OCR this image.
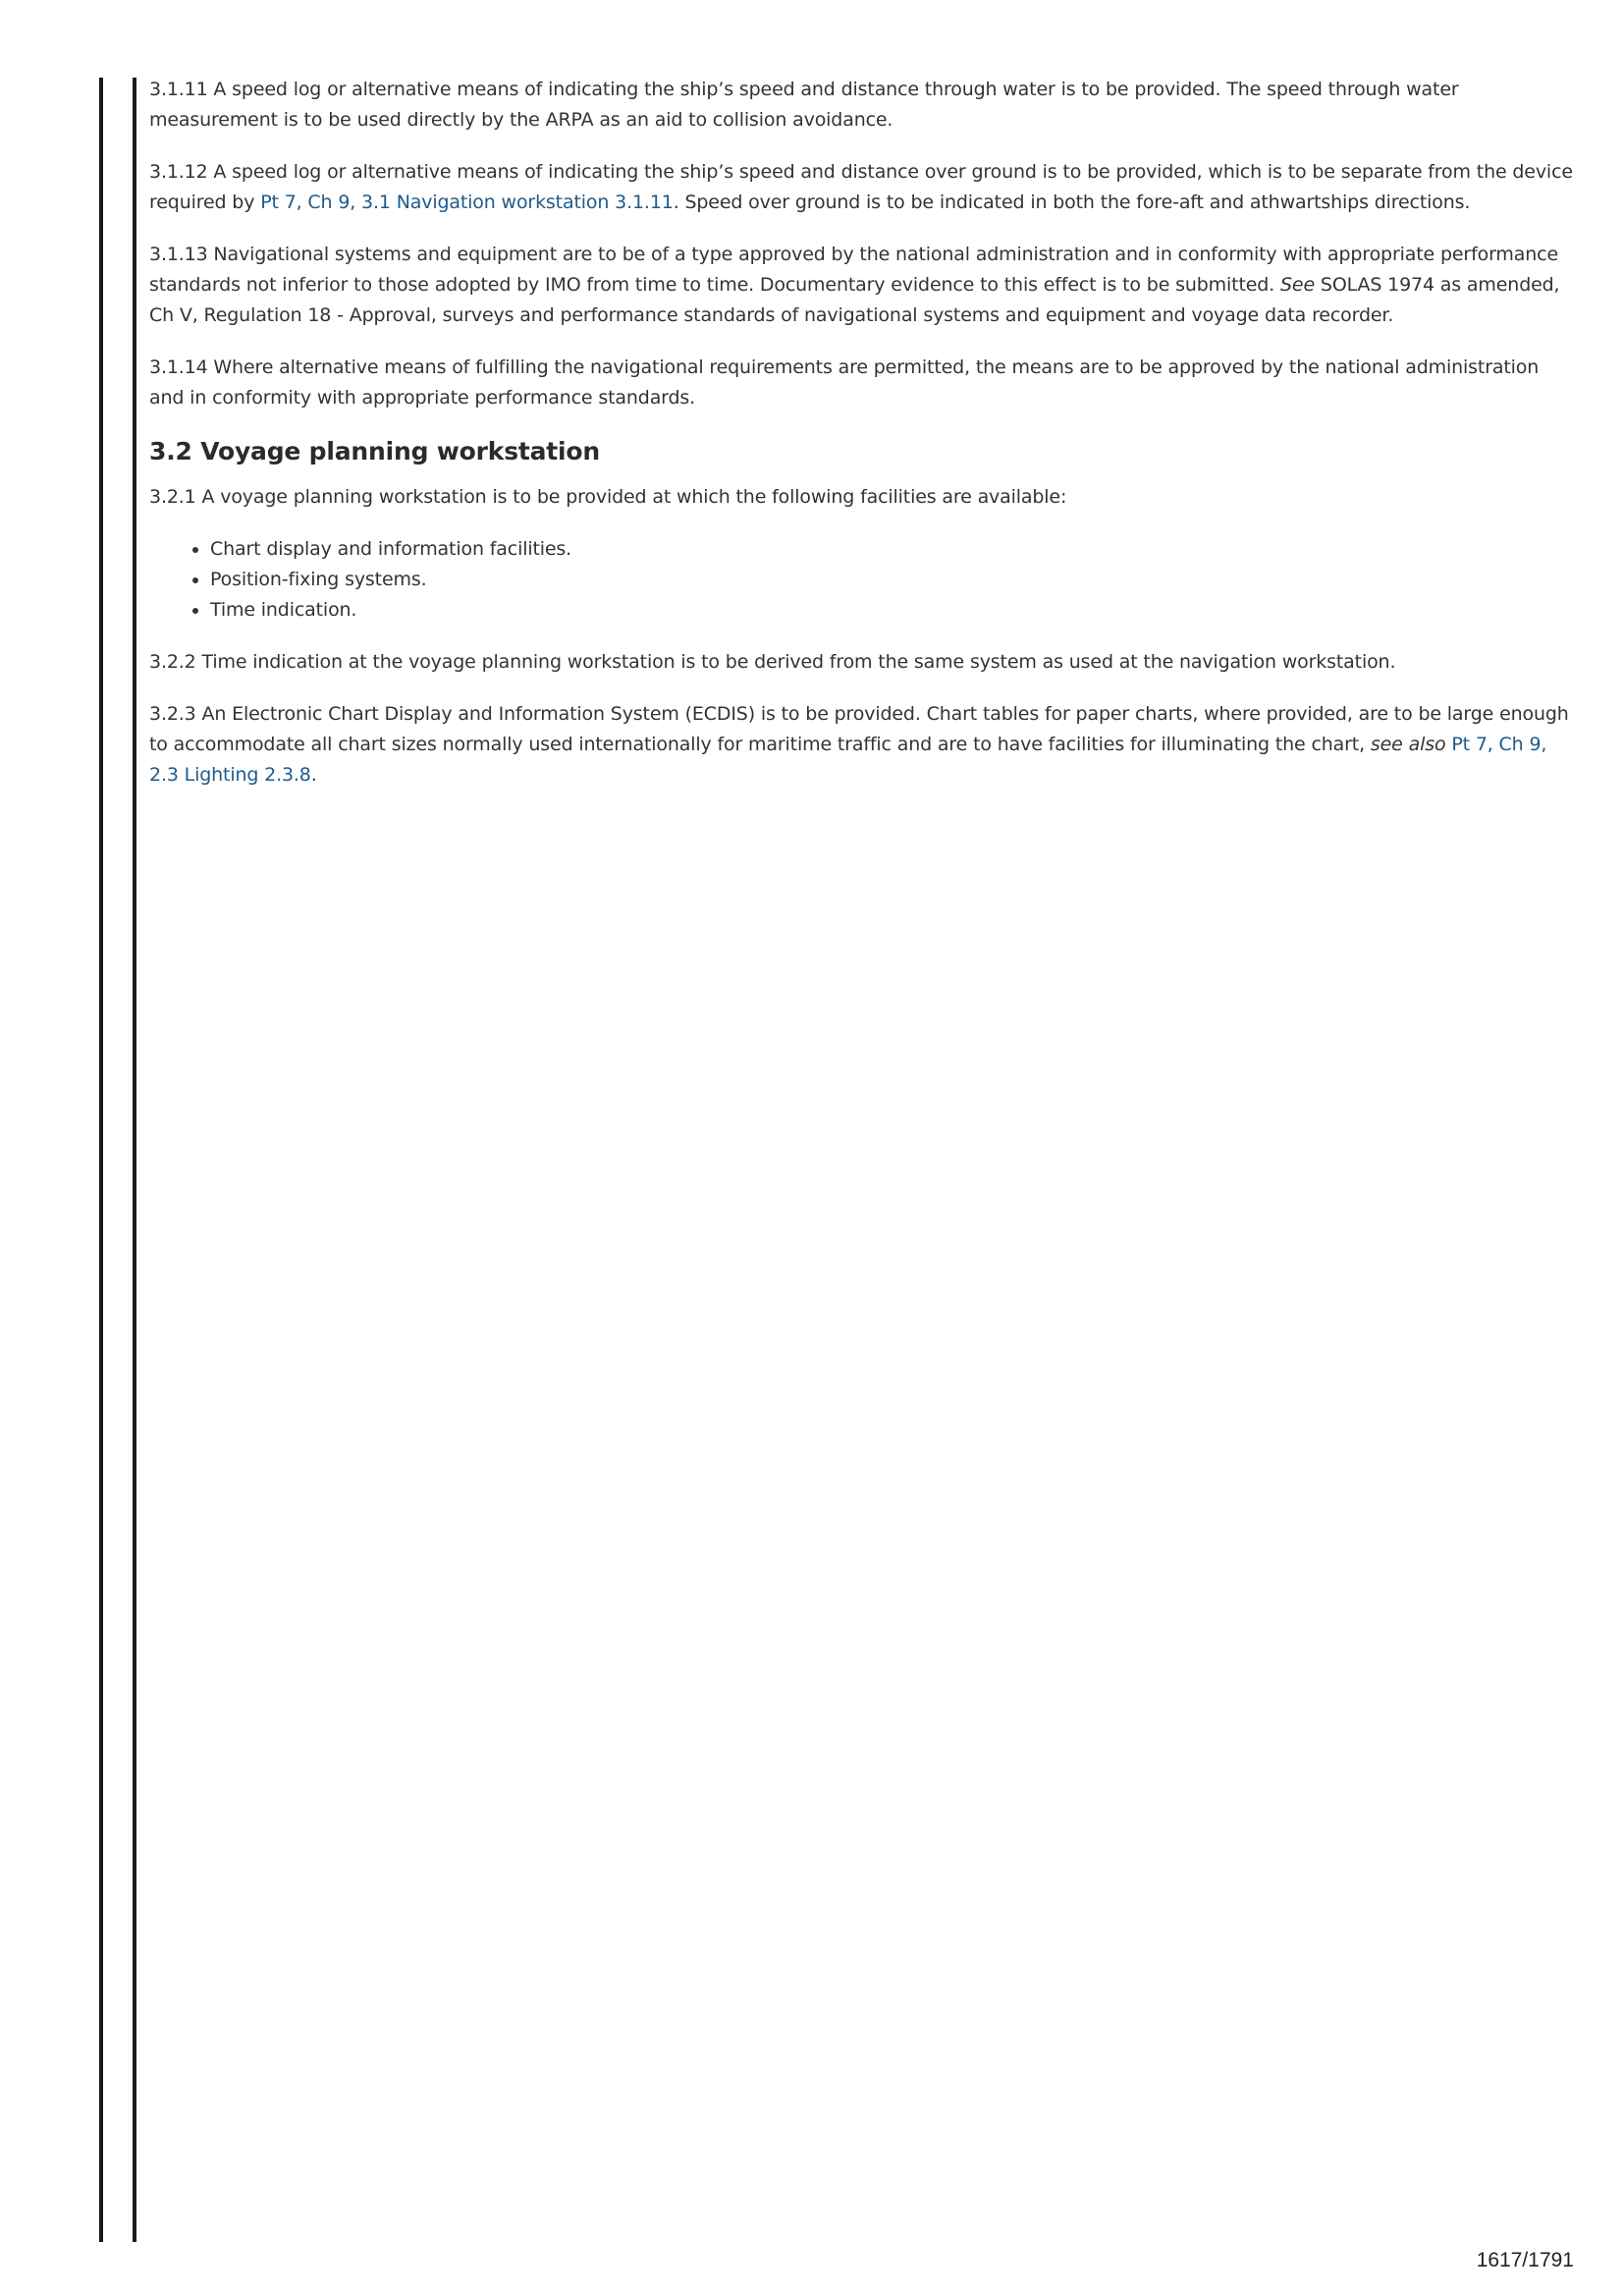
3.1.11 A speed log or alternative means of indicating the ship’s speed and distance through water is to be provided. The speed through water measurement is to be used directly by the ARPA as an aid to collision avoidance.

3.1.12 A speed log or alternative means of indicating the ship’s speed and distance over ground is to be provided, which is to be separate from the device required by Pt 7, Ch 9, 3.1 Navigation workstation 3.1.11. Speed over ground is to be indicated in both the fore-aft and athwartships directions.

3.1.13 Navigational systems and equipment are to be of a type approved by the national administration and in conformity with appropriate performance standards not inferior to those adopted by IMO from time to time. Documentary evidence to this effect is to be submitted. See SOLAS 1974 as amended, Ch V, Regulation 18 - Approval, surveys and performance standards of navigational systems and equipment and voyage data recorder.

3.1.14 Where alternative means of fulfilling the navigational requirements are permitted, the means are to be approved by the national administration and in conformity with appropriate performance standards.

3.2 Voyage planning workstation

3.2.1 A voyage planning workstation is to be provided at which the following facilities are available:

• Chart display and information facilities.
• Position-fixing systems.
• Time indication.

3.2.2 Time indication at the voyage planning workstation is to be derived from the same system as used at the navigation workstation.

3.2.3 An Electronic Chart Display and Information System (ECDIS) is to be provided. Chart tables for paper charts, where provided, are to be large enough to accommodate all chart sizes normally used internationally for maritime traffic and are to have facilities for illuminating the chart, see also Pt 7, Ch 9, 2.3 Lighting 2.3.8.

1617/1791
